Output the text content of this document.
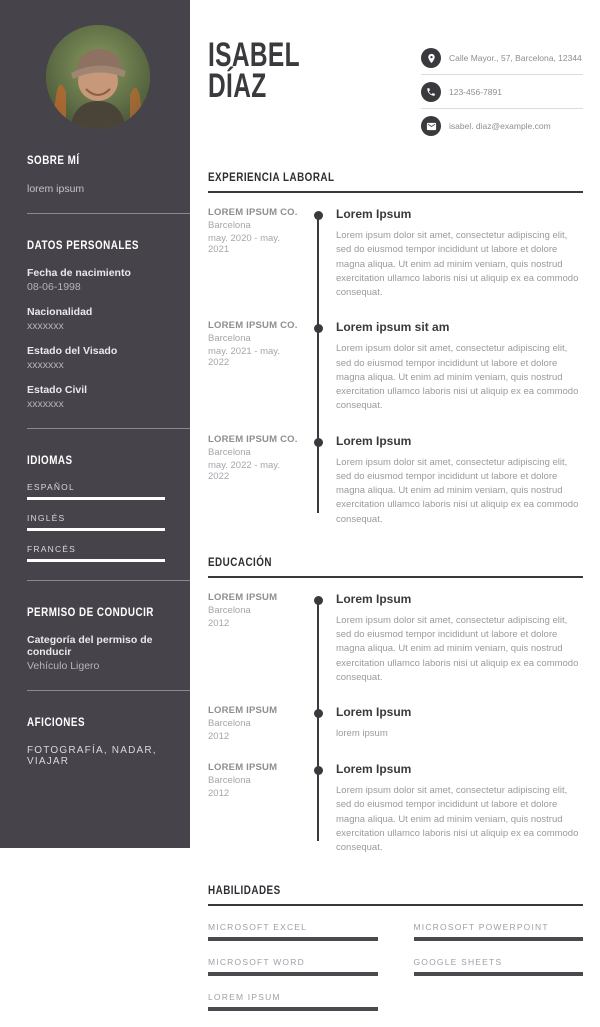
SOBRE MÍ

lorem ipsum

DATOS PERSONALES
Fecha de nacimiento
08-06-1998
Nacionalidad
xxxxxxx
Estado del Visado
xxxxxxx
Estado Civil
xxxxxxx
IDIOMAS
ESPAÑOL
INGLÉS
FRANCÉS
PERMISO DE CONDUCIR
Categoría del permiso de conducir
Vehículo Ligero
AFICIONES

FOTOGRAFÍA, NADAR, VIAJAR

ISABEL
DÍAZ
Calle Mayor., 57, Barcelona, 12344
123-456-7891
isabel. diaz@example.com
EXPERIENCIA LABORAL
LOREM IPSUM CO.
Barcelona
may. 2020 - may. 2021
Lorem Ipsum

Lorem ipsum dolor sit amet, consectetur adipiscing elit, sed do eiusmod tempor incididunt ut labore et dolore magna aliqua. Ut enim ad minim veniam, quis nostrud exercitation ullamco laboris nisi ut aliquip ex ea commodo consequat.

LOREM IPSUM CO.
Barcelona
may. 2021 - may. 2022
Lorem ipsum sit am

Lorem ipsum dolor sit amet, consectetur adipiscing elit, sed do eiusmod tempor incididunt ut labore et dolore magna aliqua. Ut enim ad minim veniam, quis nostrud exercitation ullamco laboris nisi ut aliquip ex ea commodo consequat.

LOREM IPSUM CO.
Barcelona
may. 2022 - may. 2022
Lorem Ipsum

Lorem ipsum dolor sit amet, consectetur adipiscing elit, sed do eiusmod tempor incididunt ut labore et dolore magna aliqua. Ut enim ad minim veniam, quis nostrud exercitation ullamco laboris nisi ut aliquip ex ea commodo consequat.

EDUCACIÓN
LOREM IPSUM
Barcelona
2012
Lorem Ipsum

Lorem ipsum dolor sit amet, consectetur adipiscing elit, sed do eiusmod tempor incididunt ut labore et dolore magna aliqua. Ut enim ad minim veniam, quis nostrud exercitation ullamco laboris nisi ut aliquip ex ea commodo consequat.

LOREM IPSUM
Barcelona
2012
Lorem Ipsum

lorem ipsum

LOREM IPSUM
Barcelona
2012
Lorem Ipsum

Lorem ipsum dolor sit amet, consectetur adipiscing elit, sed do eiusmod tempor incididunt ut labore et dolore magna aliqua. Ut enim ad minim veniam, quis nostrud exercitation ullamco laboris nisi ut aliquip ex ea commodo consequat.

HABILIDADES
MICROSOFT EXCEL
MICROSOFT WORD
LOREM IPSUM
MICROSOFT POWERPOINT
GOOGLE SHEETS
